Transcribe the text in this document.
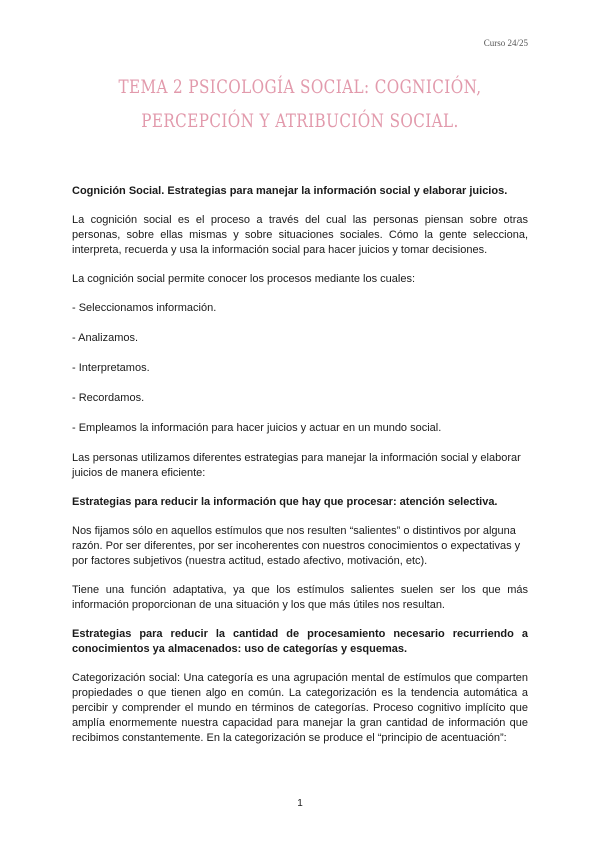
Curso 24/25
TEMA 2 PSICOLOGÍA SOCIAL: COGNICIÓN, PERCEPCIÓN Y ATRIBUCIÓN SOCIAL.
Cognición Social. Estrategias para manejar la información social y elaborar juicios.

La cognición social es el proceso a través del cual las personas piensan sobre otras personas, sobre ellas mismas y sobre situaciones sociales. Cómo la gente selecciona, interpreta, recuerda y usa la información social para hacer juicios y tomar decisiones.

La cognición social permite conocer los procesos mediante los cuales:

- Seleccionamos información.
- Analizamos.
- Interpretamos.
- Recordamos.
- Empleamos la información para hacer juicios y actuar en un mundo social.

Las personas utilizamos diferentes estrategias para manejar la información social y elaborar juicios de manera eficiente:

Estrategias para reducir la información que hay que procesar: atención selectiva.

Nos fijamos sólo en aquellos estímulos que nos resulten “salientes” o distintivos por alguna razón. Por ser diferentes, por ser incoherentes con nuestros conocimientos o expectativas y por factores subjetivos (nuestra actitud, estado afectivo, motivación, etc).

Tiene una función adaptativa, ya que los estímulos salientes suelen ser los que más información proporcionan de una situación y los que más útiles nos resultan.

Estrategias para reducir la cantidad de procesamiento necesario recurriendo a conocimientos ya almacenados: uso de categorías y esquemas.

Categorización social: Una categoría es una agrupación mental de estímulos que comparten propiedades o que tienen algo en común. La categorización es la tendencia automática a percibir y comprender el mundo en términos de categorías. Proceso cognitivo implícito que amplía enormemente nuestra capacidad para manejar la gran cantidad de información que recibimos constantemente. En la categorización se produce el “principio de acentuación”:

1
